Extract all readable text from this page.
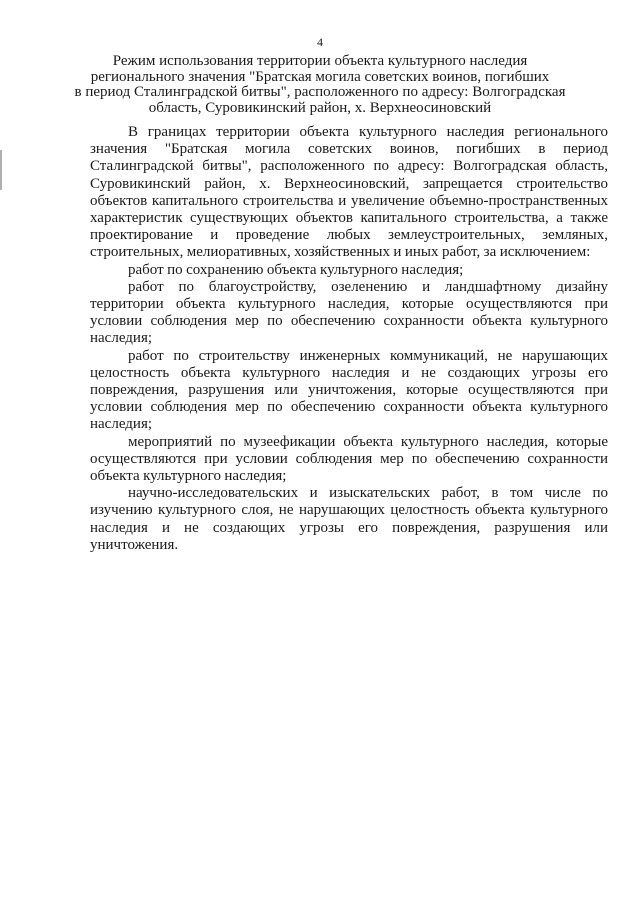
4
Режим использования территории объекта культурного наследия
регионального значения "Братская могила советских воинов, погибших
в период Сталинградской битвы", расположенного по адресу: Волгоградская
область, Суровикинский район, х. Верхнеосиновский

В границах территории объекта культурного наследия регионального значения "Братская могила советских воинов, погибших в период Сталинградской битвы", расположенного по адресу: Волгоградская область, Суровикинский район, х. Верхнеосиновский, запрещается строительство объектов капитального строительства и увеличение объемно-пространственных характеристик существующих объектов капитального строительства, а также проектирование и проведение любых землеустроительных, земляных, строительных, мелиоративных, хозяйственных и иных работ, за исключением:

работ по сохранению объекта культурного наследия;

работ по благоустройству, озеленению и ландшафтному дизайну территории объекта культурного наследия, которые осуществляются при условии соблюдения мер по обеспечению сохранности объекта культурного наследия;

работ по строительству инженерных коммуникаций, не нарушающих целостность объекта культурного наследия и не создающих угрозы его повреждения, разрушения или уничтожения, которые осуществляются при условии соблюдения мер по обеспечению сохранности объекта культурного наследия;

мероприятий по музеефикации объекта культурного наследия, которые осуществляются при условии соблюдения мер по обеспечению сохранности объекта культурного наследия;

научно-исследовательских и изыскательских работ, в том числе по изучению культурного слоя, не нарушающих целостность объекта культурного наследия и не создающих угрозы его повреждения, разрушения или уничтожения.
